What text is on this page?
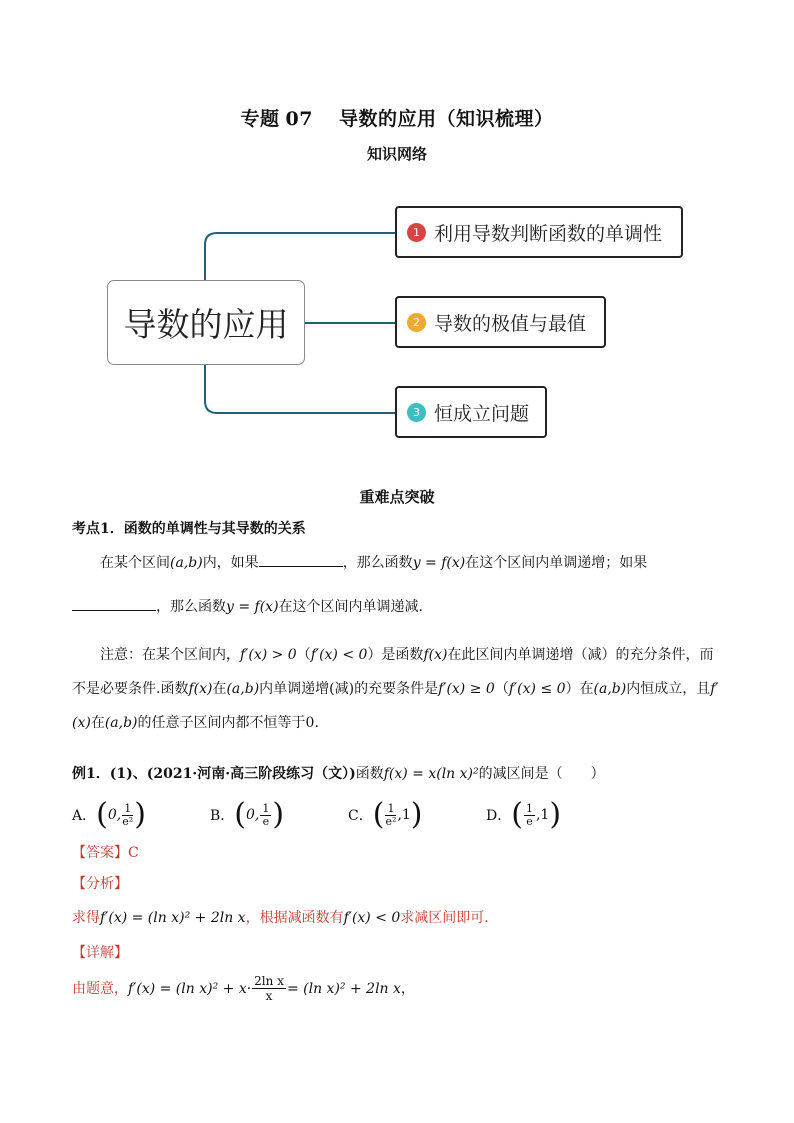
专题 07 导数的应用（知识梳理）
知识网络
导数的应用
1 利用导数判断函数的单调性
2 导数的极值与最值
3 恒成立问题
重难点突破
考点1．函数的单调性与其导数的关系
在某个区间(a,b)内，如果	，那么函数y = f(x)在这个区间内单调递增；如果
，那么函数y = f(x)在这个区间内单调递减．
注意：在某个区间内，f′(x) > 0（f′(x) < 0）是函数f(x)在此区间内单调递增（减）的充分条件，而不是必要条件.函数f(x)在(a,b)内单调递增(减)的充要条件是f′(x) ≥ 0（f′(x) ≤ 0）在(a,b)内恒成立，且f′(x)在(a,b)的任意子区间内都不恒等于0.
例1．(1)、(2021·河南·高三阶段练习（文）)函数f(x) = x(ln x)²的减区间是（　　）
A． ( 0, $\frac{1}{\text{e²}}$ )	B． ( 0, $\frac{1}{e}$ )	C． ( $\frac{1}{\text{e²}} ,1$ )	D． ( $\frac{1}{e} ,1$ )
【答案】C
【分析】
求得f′(x) = (ln x)² + 2ln x，根据减函数有f′(x) < 0求减区间即可.
【详解】
由题意， f′(x) = (ln $x)^2 + x\cdot \frac{\text{2ln x}}{x} = (\ln$ x)² + 2ln x ，
